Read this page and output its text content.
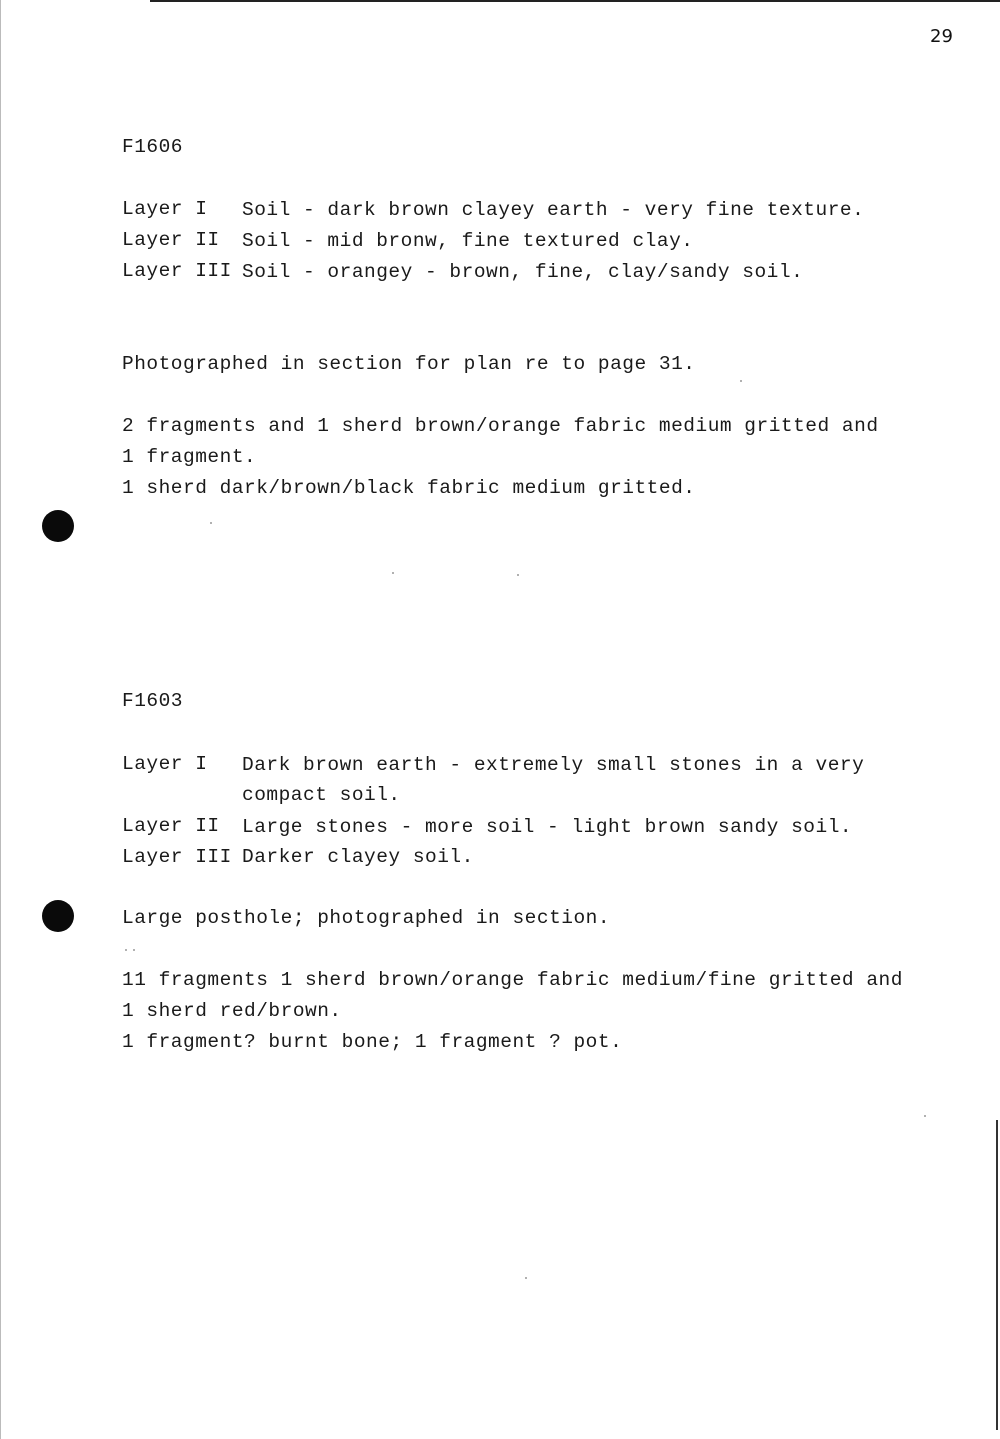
29
F1606
Layer I Soil - dark brown clayey earth - very fine texture.
Layer II Soil - mid bronw, fine textured clay.
Layer III Soil - orangey - brown, fine, clay/sandy soil.
Photographed in section for plan re to page 31.
2 fragments and 1 sherd brown/orange fabric medium gritted and
1 fragment.
1 sherd dark/brown/black fabric medium gritted.
F1603
Layer I Dark brown earth - extremely small stones in a very
compact soil.
Layer II Large stones - more soil - light brown sandy soil.
Layer III Darker clayey soil.
Large posthole; photographed in section.
11 fragments 1 sherd brown/orange fabric medium/fine gritted and
1 sherd red/brown.
1 fragment? burnt bone; 1 fragment ? pot.
